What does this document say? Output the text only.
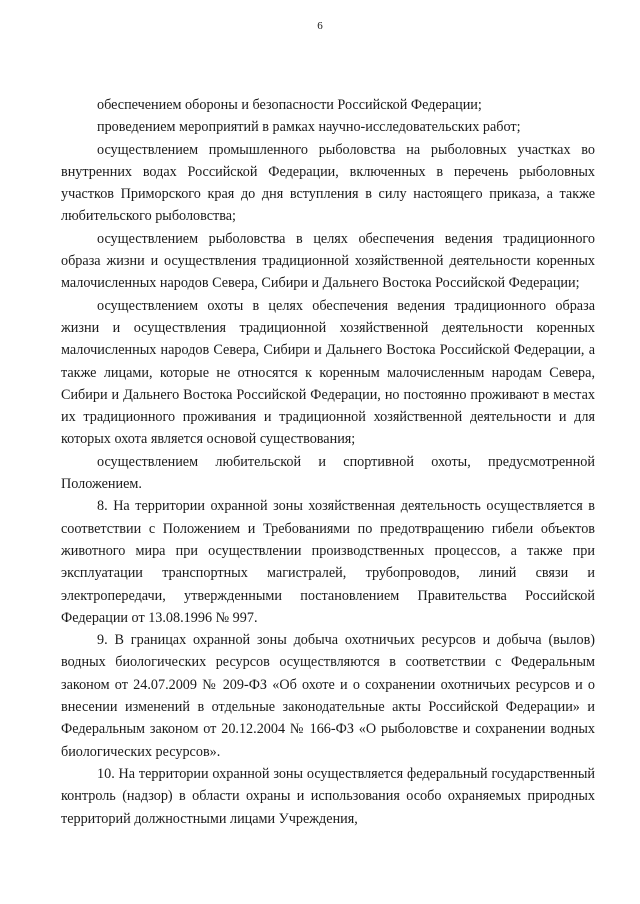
6

обеспечением обороны и безопасности Российской Федерации;

проведением мероприятий в рамках научно-исследовательских работ;

осуществлением промышленного рыболовства на рыболовных участках во внутренних водах Российской Федерации, включенных в перечень рыболовных участков Приморского края до дня вступления в силу настоящего приказа, а также любительского рыболовства;

осуществлением рыболовства в целях обеспечения ведения традиционного образа жизни и осуществления традиционной хозяйственной деятельности коренных малочисленных народов Севера, Сибири и Дальнего Востока Российской Федерации;

осуществлением охоты в целях обеспечения ведения традиционного образа жизни и осуществления традиционной хозяйственной деятельности коренных малочисленных народов Севера, Сибири и Дальнего Востока Российской Федерации, а также лицами, которые не относятся к коренным малочисленным народам Севера, Сибири и Дальнего Востока Российской Федерации, но постоянно проживают в местах их традиционного проживания и традиционной хозяйственной деятельности и для которых охота является основой существования;

осуществлением любительской и спортивной охоты, предусмотренной Положением.

8. На территории охранной зоны хозяйственная деятельность осуществляется в соответствии с Положением и Требованиями по предотвращению гибели объектов животного мира при осуществлении производственных процессов, а также при эксплуатации транспортных магистралей, трубопроводов, линий связи и электропередачи, утвержденными постановлением Правительства Российской Федерации от 13.08.1996 № 997.

9. В границах охранной зоны добыча охотничьих ресурсов и добыча (вылов) водных биологических ресурсов осуществляются в соответствии с Федеральным законом от 24.07.2009 № 209-ФЗ «Об охоте и о сохранении охотничьих ресурсов и о внесении изменений в отдельные законодательные акты Российской Федерации» и Федеральным законом от 20.12.2004 № 166-ФЗ «О рыболовстве и сохранении водных биологических ресурсов».

10. На территории охранной зоны осуществляется федеральный государственный контроль (надзор) в области охраны и использования особо охраняемых природных территорий должностными лицами Учреждения,
